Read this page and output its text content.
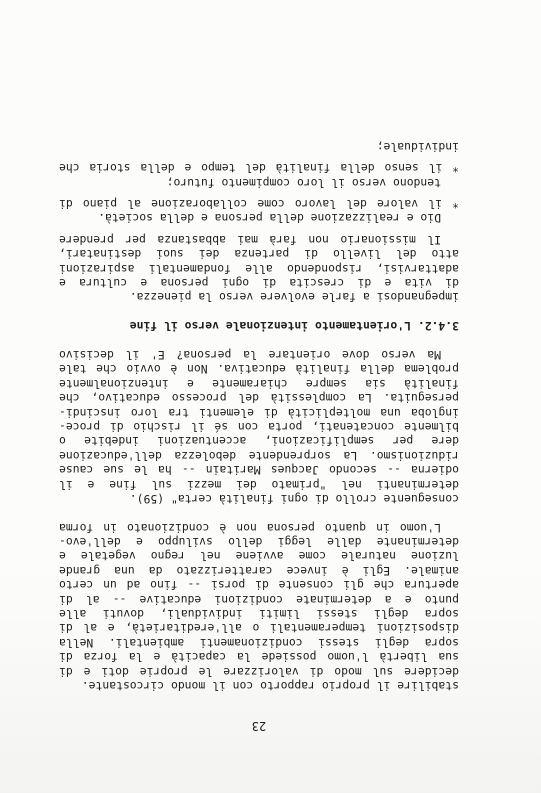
23
stabilire il proprio rapporto con il mondo circostante.
decidere sul modo di valorizzare le proprie doti e di
sua libertà l'uomo possiede la capacità e la forza di
sopra degli stessi condizionamenti ambientali. Nella
disposizioni temperamentali o all'ereditarietà, e al di
sopra degli stessi limiti individuali, dovuti alle
punto e a determinate condizioni educative -- al di
apertura che gli consente di porsi -- fino ad un certo
animale. Egli è invece caratterizzato da una grande
luzione naturale come avviene nel regno vegetale e
determinante dalle leggi dello sviluppo e dell'evo-
L'uomo in quanto persona non è condizionato in forma
conseguente crollo di ogni finalità certa" (59).
determinanti nel "primato dei mezzi sul fine e il
odierna -- secondo Jacques Maritain -- ha le sue cause
riduzionismo. La sorprendente debolezza dell'educazione
dere per semplificazioni, accentuazioni indebite o
bilmente concatenati, porta con sé il rischio di proce-
ingloba una molteplicità di elementi tra loro inscindi-
perseguita. La complessità del processo educativo, che
finalità sia sempre chiaramente e intenzionalmente
problema della finalità educativa. Non è ovvio che tale
Ma verso dove orientare la persona? E' il decisivo
3.4.2. L'orientamento intenzionale verso il fine
impegnandosi a farle evolvere verso la pienezza.
di vita e di crescita di ogni persona e cultura e
adattarvisi, rispondendo alle fondamentali aspirazioni
atto del livello di partenza dei suoi destinatari,
Il missionario non farà mai abbastanza per prendere
Dio e realizzazione della persona e della società.
* il valore del lavoro come collaborazione al piano di
tendono verso il loro compimento futuro;
* il senso della finalità del tempo e della storia che
individuale;
